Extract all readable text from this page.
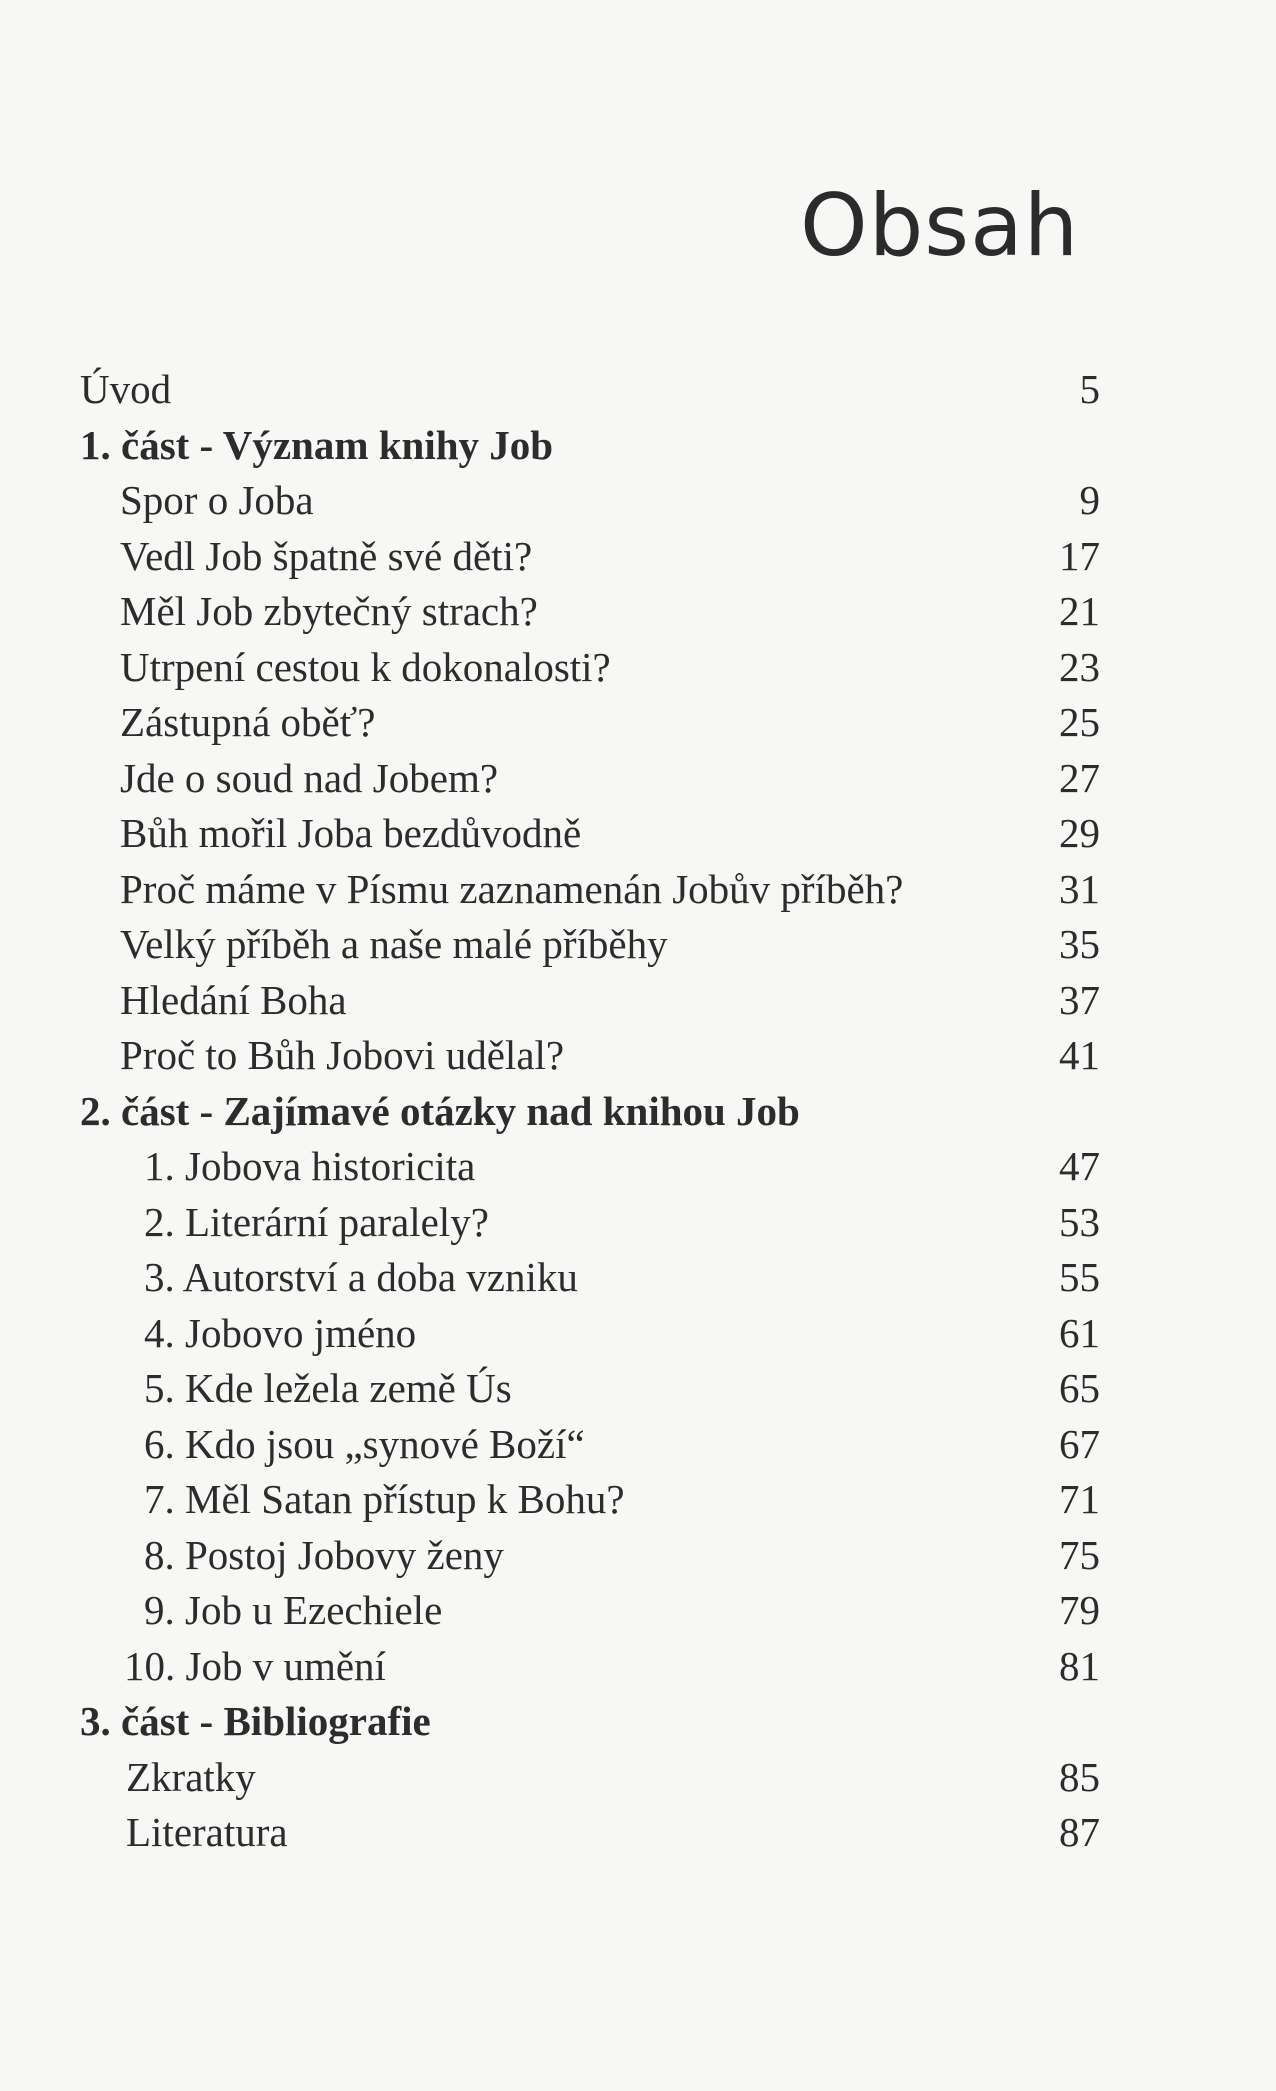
Obsah
Úvod	5
1. část - Význam knihy Job
Spor o Joba	9
Vedl Job špatně své děti?	17
Měl Job zbytečný strach?	21
Utrpení cestou k dokonalosti?	23
Zástupná oběť?	25
Jde o soud nad Jobem?	27
Bůh mořil Joba bezdůvodně	29
Proč máme v Písmu zaznamenán Jobův příběh?	31
Velký příběh a naše malé příběhy	35
Hledání Boha	37
Proč to Bůh Jobovi udělal?	41
2. část - Zajímavé otázky nad knihou Job
1. Jobova historicita	47
2. Literární paralely?	53
3. Autorství a doba vzniku	55
4. Jobovo jméno	61
5. Kde ležela země Ús	65
6. Kdo jsou „synové Boží“	67
7. Měl Satan přístup k Bohu?	71
8. Postoj Jobovy ženy	75
9. Job u Ezechiele	79
10. Job v umění	81
3. část - Bibliografie
Zkratky	85
Literatura	87
